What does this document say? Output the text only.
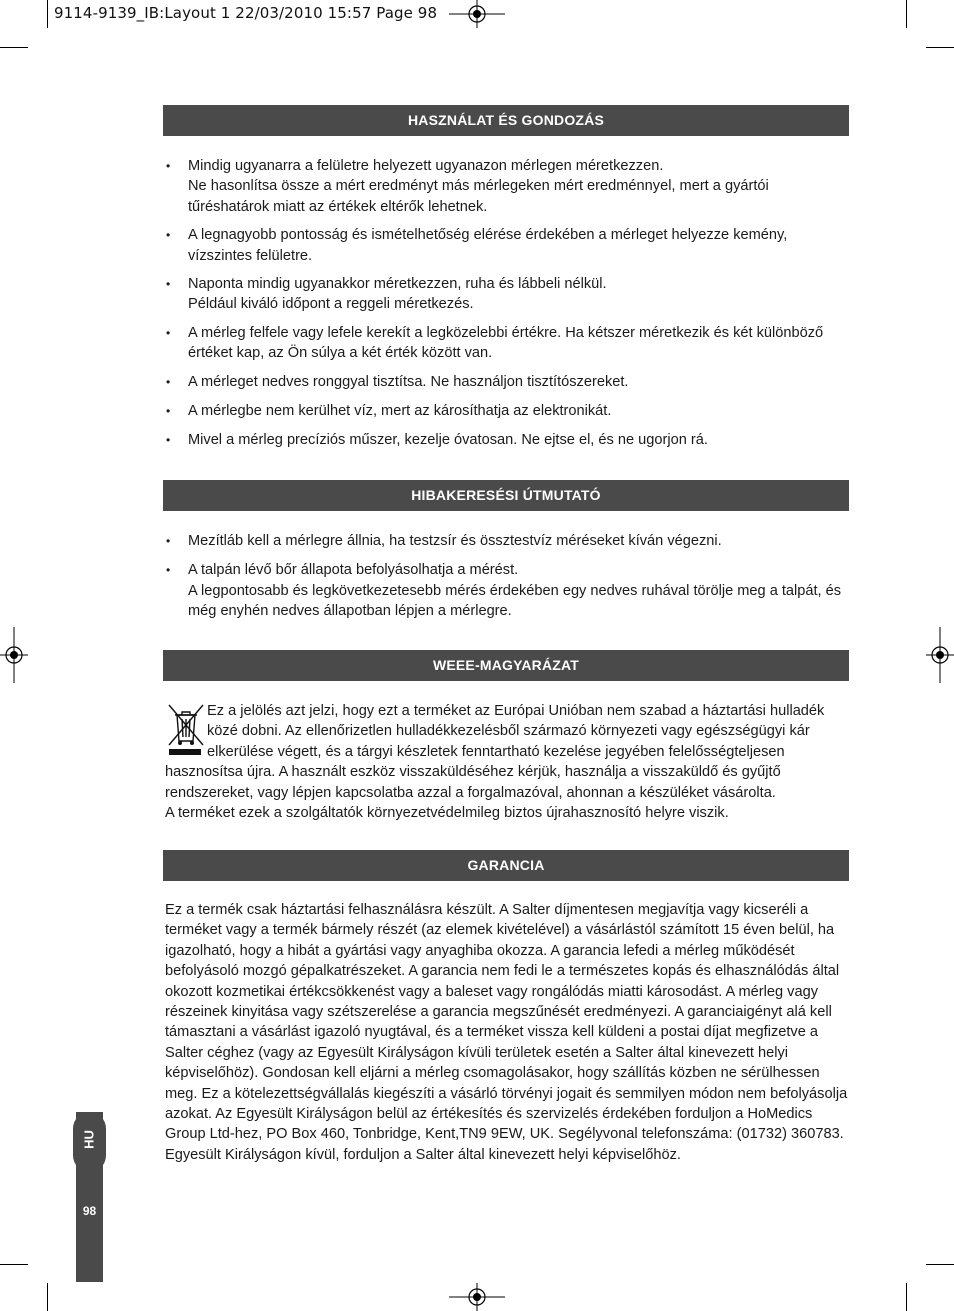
9114-9139_IB:Layout 1 22/03/2010 15:57 Page 98
HASZNÁLAT ÉS GONDOZÁS
• Mindig ugyanarra a felületre helyezett ugyanazon mérlegen méretkezzen.
Ne hasonlítsa össze a mért eredményt más mérlegeken mért eredménnyel, mert a gyártói tűréshatárok miatt az értékek eltérők lehetnek.
• A legnagyobb pontosság és ismételhetőség elérése érdekében a mérleget helyezze kemény, vízszintes felületre.
• Naponta mindig ugyanakkor méretkezzen, ruha és lábbeli nélkül.
Például kiváló időpont a reggeli méretkezés.
• A mérleg felfele vagy lefele kerekít a legközelebbi értékre. Ha kétszer méretkezik és két különböző értéket kap, az Ön súlya a két érték között van.
• A mérleget nedves ronggyal tisztítsa. Ne használjon tisztítószereket.
• A mérlegbe nem kerülhet víz, mert az károsíthatja az elektronikát.
• Mivel a mérleg precíziós műszer, kezelje óvatosan. Ne ejtse el, és ne ugorjon rá.
HIBAKERESÉSI ÚTMUTATÓ
• Mezítláb kell a mérlegre állnia, ha testzsír és össztestvíz méréseket kíván végezni.
• A talpán lévő bőr állapota befolyásolhatja a mérést.
A legpontosabb és legkövetkezetesebb mérés érdekében egy nedves ruhával törölje meg a talpát, és még enyhén nedves állapotban lépjen a mérlegre.
WEEE-MAGYARÁZAT

Ez a jelölés azt jelzi, hogy ezt a terméket az Európai Unióban nem szabad a háztartási hulladék közé dobni. Az ellenőrizetlen hulladékkezelésből származó környezeti vagy egészségügyi kár elkerülése végett, és a tárgyi készletek fenntartható kezelése jegyében felelősségteljesen hasznosítsa újra. A használt eszköz visszaküldéséhez kérjük, használja a visszaküldő és gyűjtő rendszereket, vagy lépjen kapcsolatba azzal a forgalmazóval, ahonnan a készüléket vásárolta.

A terméket ezek a szolgáltatók környezetvédelmileg biztos újrahasznosító helyre viszik.

GARANCIA

Ez a termék csak háztartási felhasználásra készült. A Salter díjmentesen megjavítja vagy kicseréli a terméket vagy a termék bármely részét (az elemek kivételével) a vásárlástól számított 15 éven belül, ha igazolható, hogy a hibát a gyártási vagy anyaghiba okozza. A garancia lefedi a mérleg működését befolyásoló mozgó gépalkatrészeket. A garancia nem fedi le a természetes kopás és elhasználódás által okozott kozmetikai értékcsökkenést vagy a baleset vagy rongálódás miatti károsodást. A mérleg vagy részeinek kinyitása vagy szétszerelése a garancia megszűnését eredményezi. A garanciaigényt alá kell támasztani a vásárlást igazoló nyugtával, és a terméket vissza kell küldeni a postai díjat megfizetve a Salter céghez (vagy az Egyesült Királyságon kívüli területek esetén a Salter által kinevezett helyi képviselőhöz). Gondosan kell eljárni a mérleg csomagolásakor, hogy szállítás közben ne sérülhessen meg. Ez a kötelezettségvállalás kiegészíti a vásárló törvényi jogait és semmilyen módon nem befolyásolja azokat. Az Egyesült Királyságon belül az értékesítés és szervizelés érdekében forduljon a HoMedics Group Ltd-hez, PO Box 460, Tonbridge, Kent,TN9 9EW, UK. Segélyvonal telefonszáma: (01732) 360783.

Egyesült Királyságon kívül, forduljon a Salter által kinevezett helyi képviselőhöz.

HU
98
